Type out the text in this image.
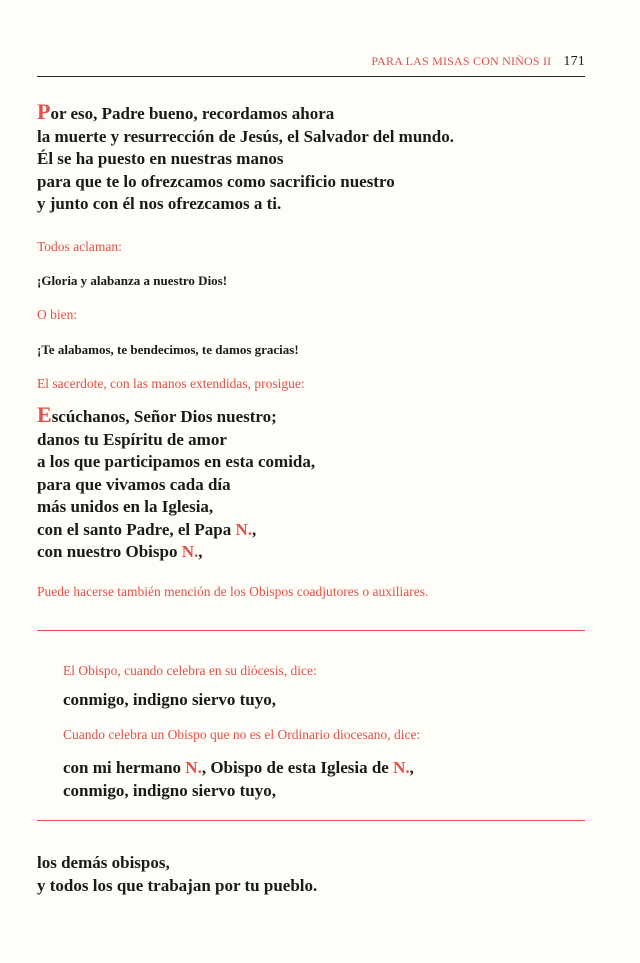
PARA LAS MISAS CON NIÑOS II 171

Por eso, Padre bueno, recordamos ahora

la muerte y resurrección de Jesús, el Salvador del mundo.

Él se ha puesto en nuestras manos

para que te lo ofrezcamos como sacrificio nuestro

y junto con él nos ofrezcamos a ti.

Todos aclaman:

¡Gloria y alabanza a nuestro Dios!

O bien:

¡Te alabamos, te bendecimos, te damos gracias!

El sacerdote, con las manos extendidas, prosigue:

Escúchanos, Señor Dios nuestro;

danos tu Espíritu de amor

a los que participamos en esta comida,

para que vivamos cada día

más unidos en la Iglesia,

con el santo Padre, el Papa N.,

con nuestro Obispo N.,

Puede hacerse también mención de los Obispos coadjutores o auxiliares.

El Obispo, cuando celebra en su diócesis, dice:

conmigo, indigno siervo tuyo,

Cuando celebra un Obispo que no es el Ordinario diocesano, dice:

con mi hermano N., Obispo de esta Iglesia de N.,

conmigo, indigno siervo tuyo,

los demás obispos,

y todos los que trabajan por tu pueblo.
